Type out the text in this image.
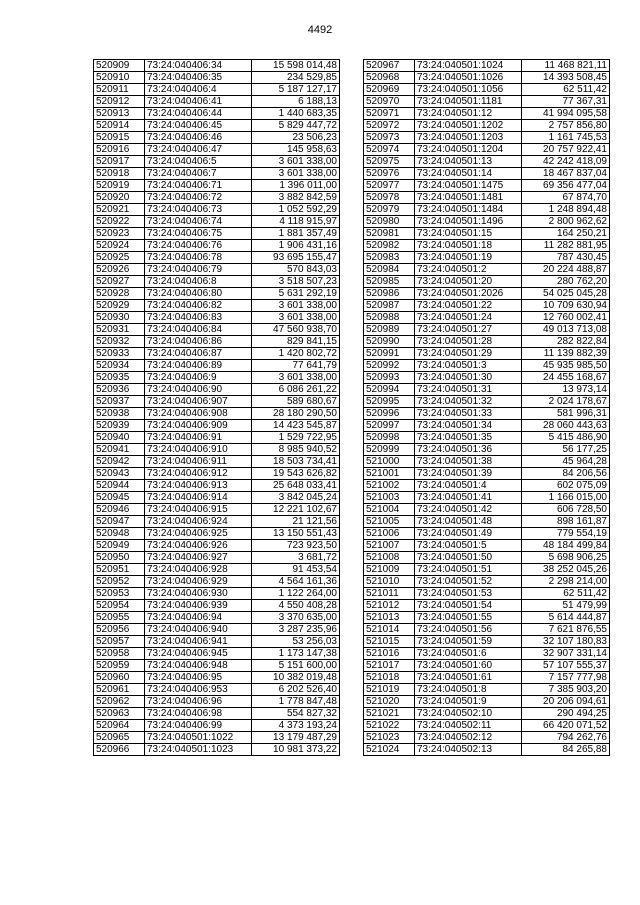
4492
520909	73:24:040406:34	15 598 014,48
520910	73:24:040406:35	234 529,85
520911	73:24:040406:4	5 187 127,17
520912	73:24:040406:41	6 188,13
520913	73:24:040406:44	1 440 683,35
520914	73:24:040406:45	5 829 447,72
520915	73:24:040406:46	23 506,23
520916	73:24:040406:47	145 958,63
520917	73:24:040406:5	3 601 338,00
520918	73:24:040406:7	3 601 338,00
520919	73:24:040406:71	1 396 011,00
520920	73:24:040406:72	3 882 842,59
520921	73:24:040406:73	1 052 592,29
520922	73:24:040406:74	4 118 915,97
520923	73:24:040406:75	1 881 357,49
520924	73:24:040406:76	1 906 431,16
520925	73:24:040406:78	93 695 155,47
520926	73:24:040406:79	570 843,03
520927	73:24:040406:8	3 518 507,23
520928	73:24:040406:80	5 631 292,19
520929	73:24:040406:82	3 601 338,00
520930	73:24:040406:83	3 601 338,00
520931	73:24:040406:84	47 560 938,70
520932	73:24:040406:86	829 841,15
520933	73:24:040406:87	1 420 802,72
520934	73:24:040406:89	77 641,79
520935	73:24:040406:9	3 601 338,00
520936	73:24:040406:90	6 086 261,22
520937	73:24:040406:907	589 680,67
520938	73:24:040406:908	28 180 290,50
520939	73:24:040406:909	14 423 545,87
520940	73:24:040406:91	1 529 722,95
520941	73:24:040406:910	8 985 940,52
520942	73:24:040406:911	18 503 734,41
520943	73:24:040406:912	19 543 626,82
520944	73:24:040406:913	25 648 033,41
520945	73:24:040406:914	3 842 045,24
520946	73:24:040406:915	12 221 102,67
520947	73:24:040406:924	21 121,56
520948	73:24:040406:925	13 150 551,43
520949	73:24:040406:926	723 923,50
520950	73:24:040406:927	3 681,72
520951	73:24:040406:928	91 453,54
520952	73:24:040406:929	4 564 161,36
520953	73:24:040406:930	1 122 264,00
520954	73:24:040406:939	4 550 408,28
520955	73:24:040406:94	3 370 635,00
520956	73:24:040406:940	3 287 235,96
520957	73:24:040406:941	53 256,03
520958	73:24:040406:945	1 173 147,38
520959	73:24:040406:948	5 151 600,00
520960	73:24:040406:95	10 382 019,48
520961	73:24:040406:953	6 202 526,40
520962	73:24:040406:96	1 778 847,48
520963	73:24:040406:98	554 827,32
520964	73:24:040406:99	4 373 193,24
520965	73:24:040501:1022	13 179 487,29
520966	73:24:040501:1023	10 981 373,22
520967	73:24:040501:1024	11 468 821,11
520968	73:24:040501:1026	14 393 508,45
520969	73:24:040501:1056	62 511,42
520970	73:24:040501:1181	77 367,31
520971	73:24:040501:12	41 994 095,58
520972	73:24:040501:1202	2 757 856,80
520973	73:24:040501:1203	1 161 745,53
520974	73:24:040501:1204	20 757 922,41
520975	73:24:040501:13	42 242 418,09
520976	73:24:040501:14	18 467 837,04
520977	73:24:040501:1475	69 356 477,04
520978	73:24:040501:1481	67 874,70
520979	73:24:040501:1484	1 248 894,48
520980	73:24:040501:1496	2 800 962,62
520981	73:24:040501:15	164 250,21
520982	73:24:040501:18	11 282 881,95
520983	73:24:040501:19	787 430,45
520984	73:24:040501:2	20 224 488,87
520985	73:24:040501:20	280 762,20
520986	73:24:040501:2026	54 025 045,28
520987	73:24:040501:22	10 709 630,94
520988	73:24:040501:24	12 760 002,41
520989	73:24:040501:27	49 013 713,08
520990	73:24:040501:28	282 822,84
520991	73:24:040501:29	11 139 882,39
520992	73:24:040501:3	45 935 985,50
520993	73:24:040501:30	24 455 168,67
520994	73:24:040501:31	13 973,14
520995	73:24:040501:32	2 024 178,67
520996	73:24:040501:33	581 996,31
520997	73:24:040501:34	28 060 443,63
520998	73:24:040501:35	5 415 486,90
520999	73:24:040501:36	56 177,25
521000	73:24:040501:38	45 964,28
521001	73:24:040501:39	84 206,56
521002	73:24:040501:4	602 075,09
521003	73:24:040501:41	1 166 015,00
521004	73:24:040501:42	606 728,50
521005	73:24:040501:48	898 161,87
521006	73:24:040501:49	779 554,19
521007	73:24:040501:5	48 184 499,84
521008	73:24:040501:50	5 698 906,25
521009	73:24:040501:51	38 252 045,26
521010	73:24:040501:52	2 298 214,00
521011	73:24:040501:53	62 511,42
521012	73:24:040501:54	51 479,99
521013	73:24:040501:55	5 614 444,87
521014	73:24:040501:56	7 621 876,55
521015	73:24:040501:59	32 107 180,83
521016	73:24:040501:6	32 907 331,14
521017	73:24:040501:60	57 107 555,37
521018	73:24:040501:61	7 157 777,98
521019	73:24:040501:8	7 385 903,20
521020	73:24:040501:9	20 206 094,61
521021	73:24:040502:10	290 494,25
521022	73:24:040502:11	66 420 071,52
521023	73:24:040502:12	794 262,76
521024	73:24:040502:13	84 265,88
